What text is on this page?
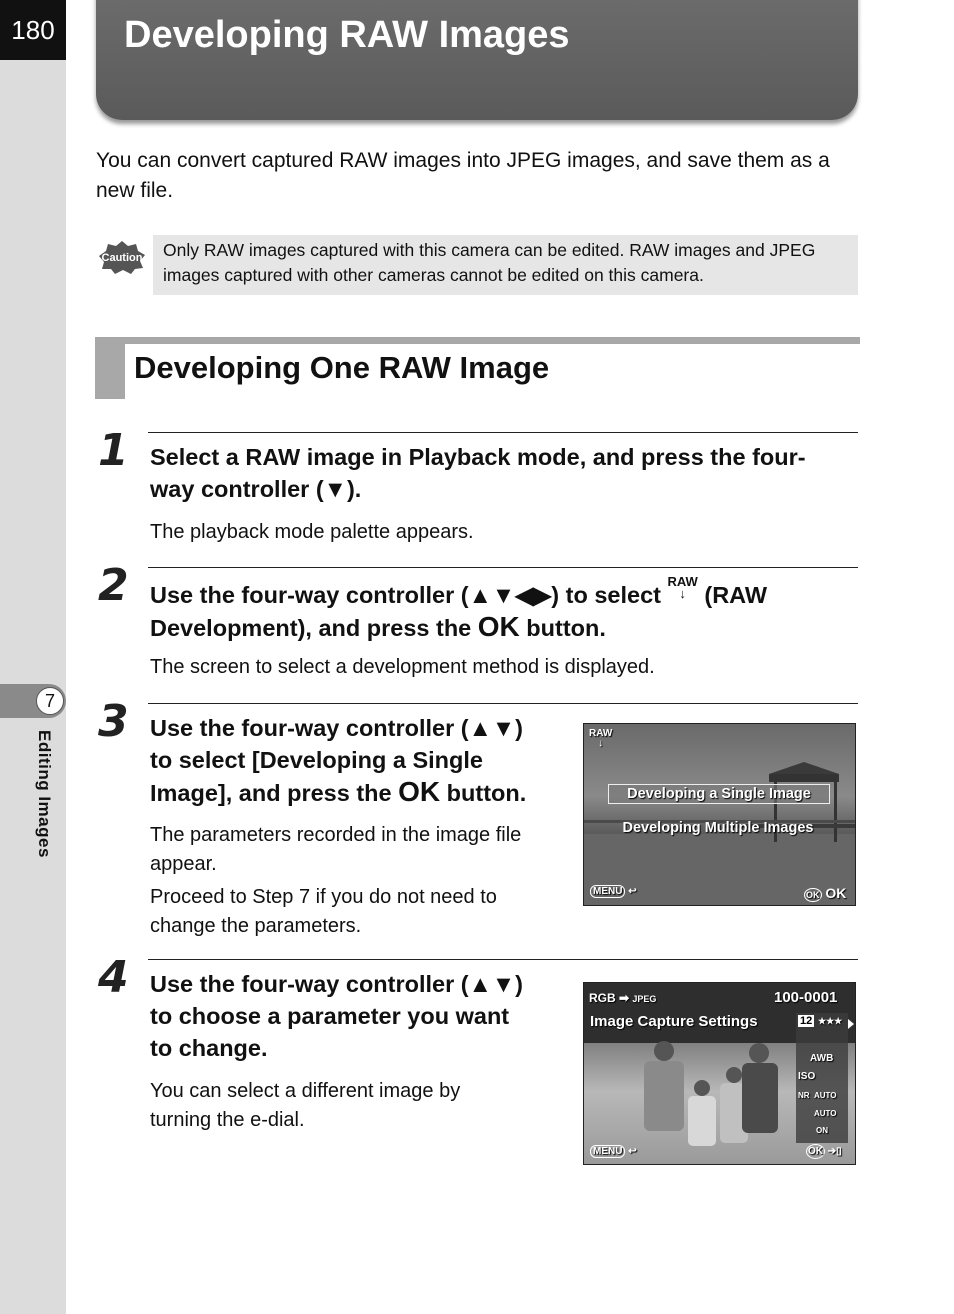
180
7
Editing Images
Developing RAW Images
You can convert captured RAW images into JPEG images, and save them as a new file.
Caution	Only RAW images captured with this camera can be edited. RAW images and JPEG images captured with other cameras cannot be edited on this camera.
Developing One RAW Image
1 Select a RAW image in Playback mode, and press the four-
way controller (▼).
The playback mode palette appears.
2 Use the four-way controller (▲▼◀▶) to select RAW
↓ (RAW
Development), and press the OK button.
The screen to select a development method is displayed.
3 Use the four-way controller (▲▼)
to select [Developing a Single
Image], and press the OK button.
The parameters recorded in the image file
appear.
Proceed to Step 7 if you do not need to
change the parameters.
RAW
↓
Developing a Single Image
Developing Multiple Images
MENU ↩	OK OK
4 Use the four-way controller (▲▼)
to choose a parameter you want
to change.
You can select a different image by
turning the e-dial.
RGB ➡ JPEG	100-0001
Image Capture Settings	12 ★★★
AWB
ISO
NR AUTO
AUTO
ON
MENU ↩	OK ➔▯
